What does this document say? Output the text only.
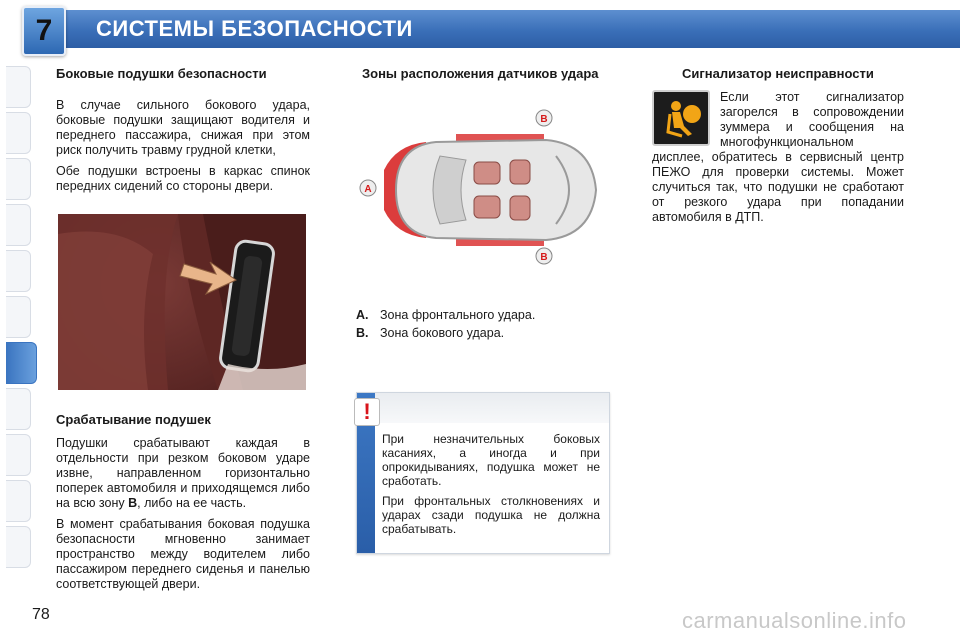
7	СИСТЕМЫ БЕЗОПАСНОСТИ
Боковые подушки безопасности

В случае сильного бокового удара, боковые подушки защищают водителя и переднего пассажира, снижая при этом риск получить травму грудной клетки,

Обе подушки встроены в каркас спинок передних сидений со стороны двери.

Срабатывание подушек

Подушки срабатывают каждая в отдельности при резком боковом ударе извне, направленном горизонтально поперек автомобиля и приходящемся либо на всю зону B, либо на ее часть.

В момент срабатывания боковая подушка безопасности мгновенно занимает пространство между водителем либо пассажиром переднего сиденья и панелью соответствующей двери.

Зоны расположения датчиков удара
A
B
B
A. Зона фронтального удара.
B. Зона бокового удара.
!

При незначительных боковых касаниях, а иногда и при опрокидываниях, подушка может не сработать.

При фронтальных столкновениях и ударах сзади подушка не должна срабатывать.

Сигнализатор неисправности
Если этот сигнализатор загорелся в сопровождении зуммера и сообщения на многофункциональном дисплее, обратитесь в сервисный центр ПЕЖО для проверки системы. Может случиться так, что подушки не сработают от резкого удара при попадании автомобиля в ДТП.
78	carmanualsonline.info
